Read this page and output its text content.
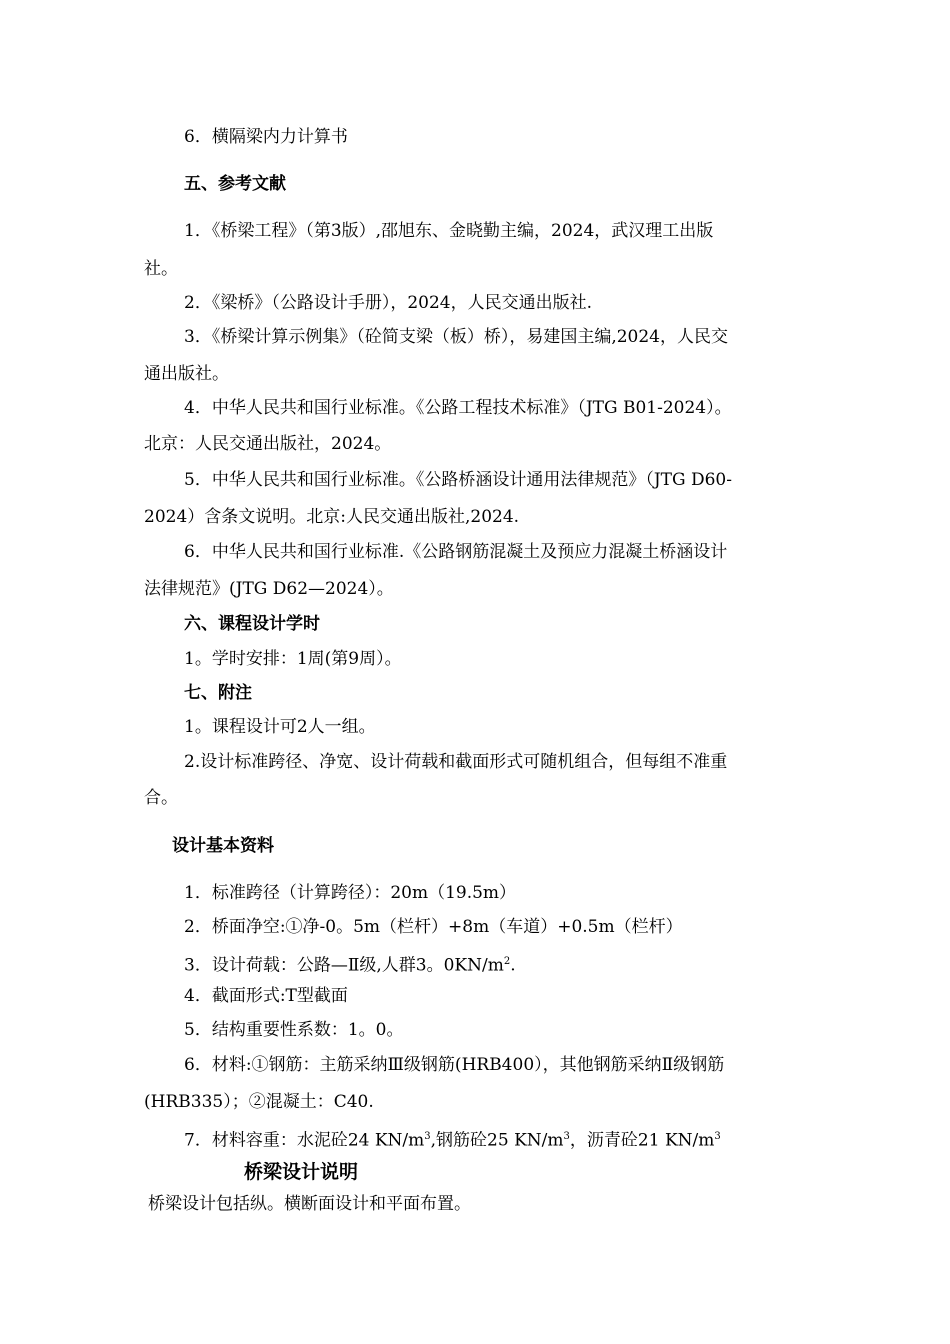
6．横隔梁内力计算书
五、参考文献
1．《桥梁工程》（第3版）,邵旭东、金晓勤主编，2024，武汉理工出版
社。
2．《梁桥》（公路设计手册），2024，人民交通出版社.
3．《桥梁计算示例集》（砼简支梁（板）桥），易建国主编,2024，人民交
通出版社。
4．中华人民共和国行业标准。《公路工程技术标准》（JTG B01-2024）。
北京：人民交通出版社，2024。
5．中华人民共和国行业标准。《公路桥涵设计通用法律规范》（JTG D60-
2024）含条文说明。北京:人民交通出版社,2024.
6．中华人民共和国行业标准.《公路钢筋混凝土及预应力混凝土桥涵设计
法律规范》(JTG D62—2024）。
六、课程设计学时
1。学时安排：1周(第9周）。
七、附注
1。课程设计可2人一组。
2.设计标准跨径、净宽、设计荷载和截面形式可随机组合，但每组不准重
合。
设计基本资料
1．标准跨径（计算跨径）：20m（19.5m）
2．桥面净空:①净-0。5m（栏杆）+8m（车道）+0.5m（栏杆）
3．设计荷载：公路—Ⅱ级,人群3。$0KN/m^2$.
4．截面形式:T型截面
5．结构重要性系数：1。0。
6．材料:①钢筋：主筋采纳Ⅲ级钢筋(HRB400），其他钢筋采纳Ⅱ级钢筋
(HRB335）；②混凝土：C40.
7．材料容重：水泥砼24 $KN/m^3$,钢筋砼25 $KN/m^3$，沥青砼21 $KN/m^3$
桥梁设计说明
桥梁设计包括纵。横断面设计和平面布置。
